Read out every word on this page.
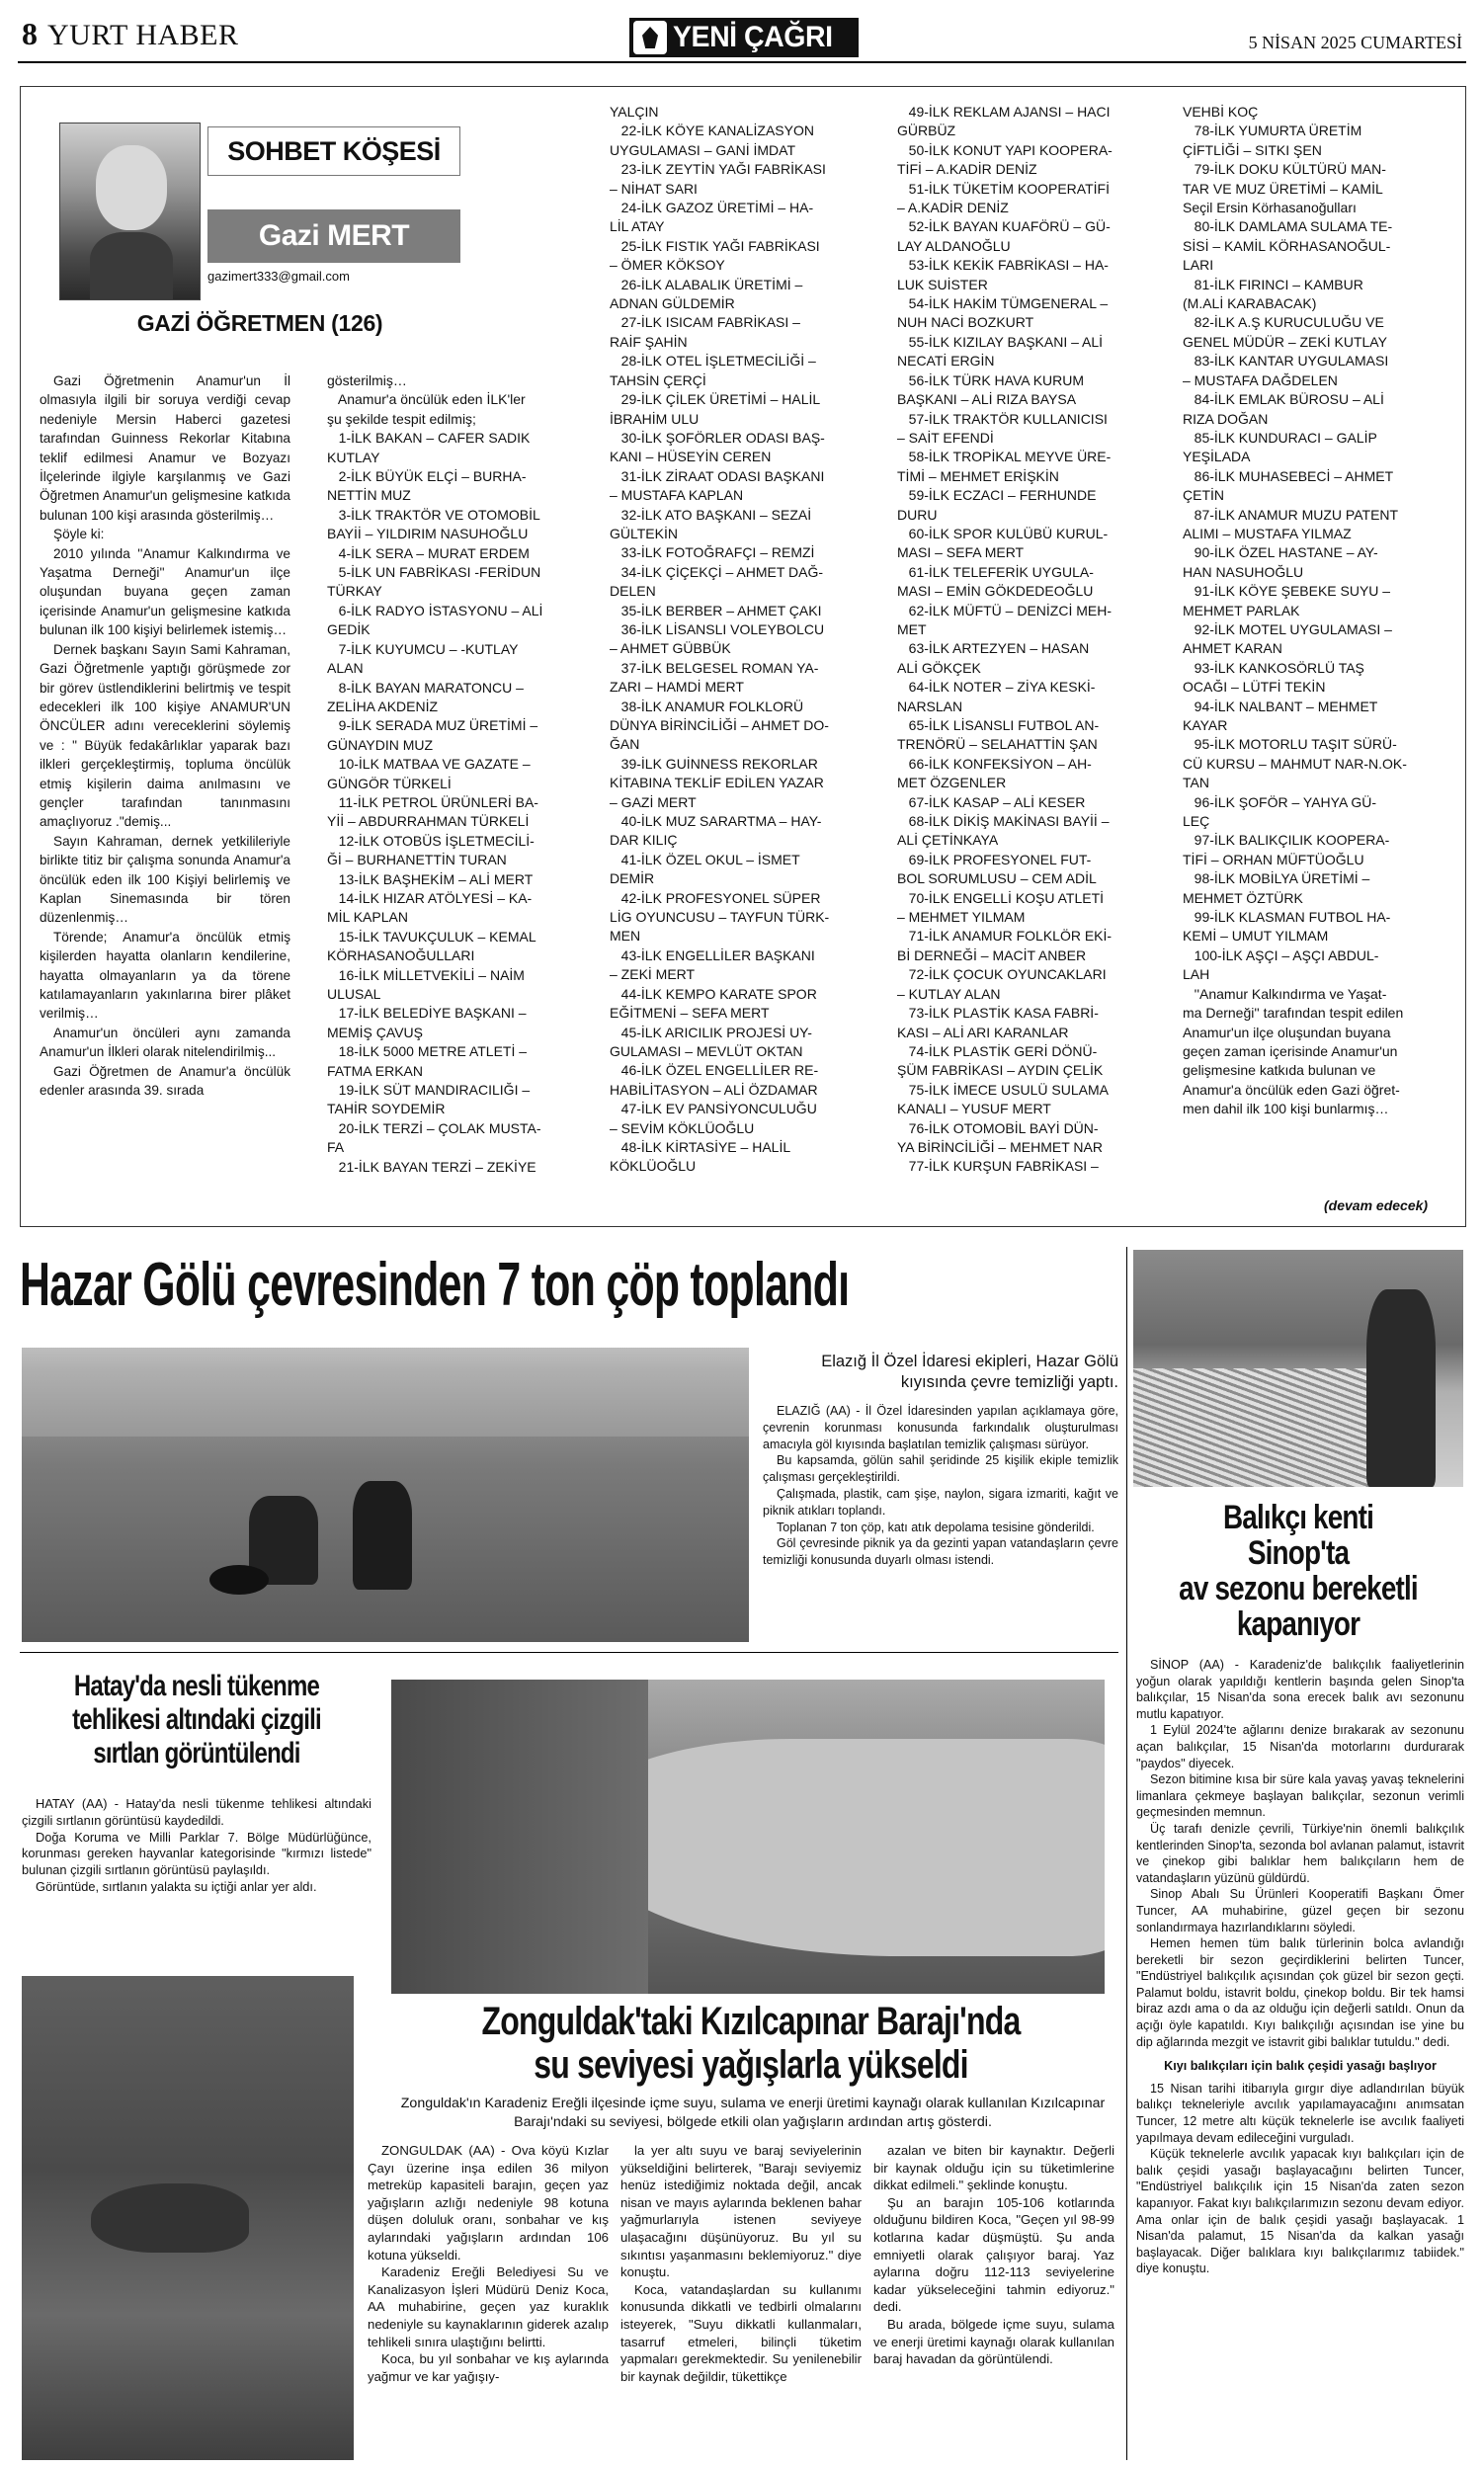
8 YURT HABER	YENİ ÇAĞRI	5 NİSAN 2025 CUMARTESİ
SOHBET KÖŞESİ
Gazi MERT
gazimert333@gmail.com
GAZİ ÖĞRETMEN (126)

Gazi Öğretmenin Anamur'un İl olmasıyla ilgili bir soruya verdiği cevap nedeniyle Mersin Haberci gazetesi tarafından Guinness Rekorlar Kitabına teklif edilmesi Anamur ve Bozyazı İlçelerinde ilgiyle karşılanmış ve Gazi Öğretmen Anamur'un gelişmesine katkıda bulunan 100 kişi arasında gösterilmiş…

Şöyle ki:

2010 yılında ''Anamur Kalkındırma ve Yaşatma Derneği'' Anamur'un ilçe oluşundan buyana geçen zaman içerisinde Anamur'un gelişmesine katkıda bulunan ilk 100 kişiyi belirlemek istemiş…

Dernek başkanı Sayın Sami Kahraman, Gazi Öğretmenle yaptığı görüşmede zor bir görev üstlendiklerini belirtmiş ve tespit edecekleri ilk 100 kişiye ANAMUR'UN ÖNCÜLER adını vereceklerini söylemiş ve : " Büyük fedakârlıklar yaparak bazı ilkleri gerçekleştirmiş, topluma öncülük etmiş kişilerin daima anılmasını ve gençler tarafından tanınmasını amaçlıyoruz ."demiş...

Sayın Kahraman, dernek yetkilileriyle birlikte titiz bir çalışma sonunda Anamur'a öncülük eden ilk 100 Kişiyi belirlemiş ve Kaplan Sinemasında bir tören düzenlenmiş…

Törende; Anamur'a öncülük etmiş kişilerden hayatta olanların kendilerine, hayatta olmayanların ya da törene katılamayanların yakınlarına birer plâket verilmiş…

Anamur'un öncüleri aynı zamanda Anamur'un İlkleri olarak nitelendirilmiş...

Gazi Öğretmen de Anamur'a öncülük edenler arasında 39. sırada

gösterilmiş…
Anamur'a öncülük eden İLK'ler
şu şekilde tespit edilmiş;
1-İLK BAKAN – CAFER SADIK
KUTLAY
2-İLK BÜYÜK ELÇİ – BURHA-
NETTİN MUZ
3-İLK TRAKTÖR VE OTOMOBİL
BAYİİ – YILDIRIM NASUHOĞLU
4-İLK SERA – MURAT ERDEM
5-İLK UN FABRİKASI -FERİDUN
TÜRKAY
6-İLK RADYO İSTASYONU – ALİ
GEDİK
7-İLK KUYUMCU – -KUTLAY
ALAN
8-İLK BAYAN MARATONCU –
ZELİHA AKDENİZ
9-İLK SERADA MUZ ÜRETİMİ –
GÜNAYDIN MUZ
10-İLK MATBAA VE GAZATE –
GÜNGÖR TÜRKELİ
11-İLK PETROL ÜRÜNLERİ BA-
Yİİ – ABDURRAHMAN TÜRKELİ
12-İLK OTOBÜS İŞLETMECİLİ-
Ğİ – BURHANETTİN TURAN
13-İLK BAŞHEKİM – ALİ MERT
14-İLK HIZAR ATÖLYESİ – KA-
MİL KAPLAN
15-İLK TAVUKÇULUK – KEMAL
KÖRHASANOĞULLARI
16-İLK MİLLETVEKİLİ – NAİM
ULUSAL
17-İLK BELEDİYE BAŞKANI –
MEMİŞ ÇAVUŞ
18-İLK 5000 METRE ATLETİ –
FATMA ERKAN
19-İLK SÜT MANDIRACILIĞI –
TAHİR SOYDEMİR
20-İLK TERZİ – ÇOLAK MUSTA-
FA
21-İLK BAYAN TERZİ – ZEKİYE
YALÇIN
22-İLK KÖYE KANALİZASYON
UYGULAMASI – GANİ İMDAT
23-İLK ZEYTİN YAĞI FABRİKASI
– NİHAT SARI
24-İLK GAZOZ ÜRETİMİ – HA-
LİL ATAY
25-İLK FISTIK YAĞI FABRİKASI
– ÖMER KÖKSOY
26-İLK ALABALIK ÜRETİMİ –
ADNAN GÜLDEMİR
27-İLK ISICAM FABRİKASI –
RAİF ŞAHİN
28-İLK OTEL İŞLETMECİLİĞİ –
TAHSİN ÇERÇİ
29-İLK ÇİLEK ÜRETİMİ – HALİL
İBRAHİM ULU
30-İLK ŞOFÖRLER ODASI BAŞ-
KANI – HÜSEYİN CEREN
31-İLK ZİRAAT ODASI BAŞKANI
– MUSTAFA KAPLAN
32-İLK ATO BAŞKANI – SEZAİ
GÜLTEKİN
33-İLK FOTOĞRAFÇI – REMZİ
34-İLK ÇİÇEKÇİ – AHMET DAĞ-
DELEN
35-İLK BERBER – AHMET ÇAKI
36-İLK LİSANSLI VOLEYBOLCU
– AHMET GÜBBÜK
37-İLK BELGESEL ROMAN YA-
ZARI – HAMDİ MERT
38-İLK ANAMUR FOLKLORÜ
DÜNYA BİRİNCİLİĞİ – AHMET DO-
ĞAN
39-İLK GUİNNESS REKORLAR
KİTABINA TEKLİF EDİLEN YAZAR
– GAZİ MERT
40-İLK MUZ SARARTMA – HAY-
DAR KILIÇ
41-İLK ÖZEL OKUL – İSMET
DEMİR
42-İLK PROFESYONEL SÜPER
LİG OYUNCUSU – TAYFUN TÜRK-
MEN
43-İLK ENGELLİLER BAŞKANI
– ZEKİ MERT
44-İLK KEMPO KARATE SPOR
EĞİTMENİ – SEFA MERT
45-İLK ARICILIK PROJESİ UY-
GULAMASI – MEVLÜT OKTAN
46-İLK ÖZEL ENGELLİLER RE-
HABİLİTASYON – ALİ ÖZDAMAR
47-İLK EV PANSİYONCULUĞU
– SEVİM KÖKLÜOĞLU
48-İLK KİRTASİYE – HALİL
KÖKLÜOĞLU
49-İLK REKLAM AJANSI – HACI
GÜRBÜZ
50-İLK KONUT YAPI KOOPERA-
TİFİ – A.KADİR DENİZ
51-İLK TÜKETİM KOOPERATİFİ
– A.KADİR DENİZ
52-İLK BAYAN KUAFÖRÜ – GÜ-
LAY ALDANOĞLU
53-İLK KEKİK FABRİKASI – HA-
LUK SUİSTER
54-İLK HAKİM TÜMGENERAL –
NUH NACİ BOZKURT
55-İLK KIZILAY BAŞKANI – ALİ
NECATİ ERGİN
56-İLK TÜRK HAVA KURUM
BAŞKANI – ALİ RIZA BAYSA
57-İLK TRAKTÖR KULLANICISI
– SAİT EFENDİ
58-İLK TROPİKAL MEYVE ÜRE-
TİMİ – MEHMET ERİŞKİN
59-İLK ECZACI – FERHUNDE
DURU
60-İLK SPOR KULÜBÜ KURUL-
MASI – SEFA MERT
61-İLK TELEFERİK UYGULA-
MASI – EMİN GÖKDEDEOĞLU
62-İLK MÜFTÜ – DENİZCİ MEH-
MET
63-İLK ARTEZYEN – HASAN
ALİ GÖKÇEK
64-İLK NOTER – ZİYA KESKİ-
NARSLAN
65-İLK LİSANSLI FUTBOL AN-
TRENÖRÜ – SELAHATTİN ŞAN
66-İLK KONFEKSİYON – AH-
MET ÖZGENLER
67-İLK KASAP – ALİ KESER
68-İLK DİKİŞ MAKİNASI BAYİİ –
ALİ ÇETİNKAYA
69-İLK PROFESYONEL FUT-
BOL SORUMLUSU – CEM ADİL
70-İLK ENGELLİ KOŞU ATLETİ
– MEHMET YILMAM
71-İLK ANAMUR FOLKLÖR EKİ-
Bİ DERNEĞİ – MACİT ANBER
72-İLK ÇOCUK OYUNCAKLARI
– KUTLAY ALAN
73-İLK PLASTİK KASA FABRİ-
KASI – ALİ ARI KARANLAR
74-İLK PLASTİK GERİ DÖNÜ-
ŞÜM FABRİKASI – AYDIN ÇELİK
75-İLK İMECE USULÜ SULAMA
KANALI – YUSUF MERT
76-İLK OTOMOBİL BAYİ DÜN-
YA BİRİNCİLİĞİ – MEHMET NAR
77-İLK KURŞUN FABRİKASI –
VEHBİ KOÇ
78-İLK YUMURTA ÜRETİM
ÇİFTLİĞİ – SITKI ŞEN
79-İLK DOKU KÜLTÜRÜ MAN-
TAR VE MUZ ÜRETİMİ – KAMİL
Seçil Ersin Körhasanoğulları
80-İLK DAMLAMA SULAMA TE-
SİSİ – KAMİL KÖRHASANOĞUL-
LARI
81-İLK FIRINCI – KAMBUR
(M.ALİ KARABACAK)
82-İLK A.Ş KURUCULUĞU VE
GENEL MÜDÜR – ZEKİ KUTLAY
83-İLK KANTAR UYGULAMASI
– MUSTAFA DAĞDELEN
84-İLK EMLAK BÜROSU – ALİ
RIZA DOĞAN
85-İLK KUNDURACI – GALİP
YEŞİLADA
86-İLK MUHASEBECİ – AHMET
ÇETİN
87-İLK ANAMUR MUZU PATENT
ALIMI – MUSTAFA YILMAZ
90-İLK ÖZEL HASTANE – AY-
HAN NASUHOĞLU
91-İLK KÖYE ŞEBEKE SUYU –
MEHMET PARLAK
92-İLK MOTEL UYGULAMASI –
AHMET KARAN
93-İLK KANKOSÖRLÜ TAŞ
OCAĞI – LÜTFİ TEKİN
94-İLK NALBANT – MEHMET
KAYAR
95-İLK MOTORLU TAŞIT SÜRÜ-
CÜ KURSU – MAHMUT NAR-N.OK-
TAN
96-İLK ŞOFÖR – YAHYA GÜ-
LEÇ
97-İLK BALIKÇILIK KOOPERA-
TİFİ – ORHAN MÜFTÜOĞLU
98-İLK MOBİLYA ÜRETİMİ –
MEHMET ÖZTÜRK
99-İLK KLASMAN FUTBOL HA-
KEMİ – UMUT YILMAM
100-İLK AŞÇI – AŞÇI ABDUL-
LAH
''Anamur Kalkındırma ve Yaşat-
ma Derneği'' tarafından tespit edilen
Anamur'un ilçe oluşundan buyana
geçen zaman içerisinde Anamur'un
gelişmesine katkıda bulunan ve
Anamur'a öncülük eden Gazi öğret-
men dahil ilk 100 kişi bunlarmış…
(devam edecek)
Hazar Gölü çevresinden 7 ton çöp toplandı
Elazığ İl Özel İdaresi ekipleri, Hazar Gölü kıyısında çevre temizliği yaptı.

ELAZIĞ (AA) - İl Özel İdaresinden yapılan açıklamaya göre, çevrenin korunması konusunda farkındalık oluşturulması amacıyla göl kıyısında başlatılan temizlik çalışması sürüyor.

Bu kapsamda, gölün sahil şeridinde 25 kişilik ekiple temizlik çalışması gerçekleştirildi.

Çalışmada, plastik, cam şişe, naylon, sigara izmariti, kağıt ve piknik atıkları toplandı.

Toplanan 7 ton çöp, katı atık depolama tesisine gönderildi.

Göl çevresinde piknik ya da gezinti yapan vatandaşların çevre temizliği konusunda duyarlı olması istendi.

Balıkçı kenti
Sinop'ta
av sezonu bereketli
kapanıyor

SİNOP (AA) - Karadeniz'de balıkçılık faaliyetlerinin yoğun olarak yapıldığı kentlerin başında gelen Sinop'ta balıkçılar, 15 Nisan'da sona erecek balık avı sezonunu mutlu kapatıyor.

1 Eylül 2024'te ağlarını denize bırakarak av sezonunu açan balıkçılar, 15 Nisan'da motorlarını durdurarak "paydos" diyecek.

Sezon bitimine kısa bir süre kala yavaş yavaş teknelerini limanlara çekmeye başlayan balıkçılar, sezonun verimli geçmesinden memnun.

Üç tarafı denizle çevrili, Türkiye'nin önemli balıkçılık kentlerinden Sinop'ta, sezonda bol avlanan palamut, istavrit ve çinekop gibi balıklar hem balıkçıların hem de vatandaşların yüzünü güldürdü.

Sinop Abalı Su Ürünleri Kooperatifi Başkanı Ömer Tuncer, AA muhabirine, güzel geçen bir sezonu sonlandırmaya hazırlandıklarını söyledi.

Hemen hemen tüm balık türlerinin bolca avlandığı bereketli bir sezon geçirdiklerini belirten Tuncer, "Endüstriyel balıkçılık açısından çok güzel bir sezon geçti. Palamut boldu, istavrit boldu, çinekop boldu. Bir tek hamsi biraz azdı ama o da az olduğu için değerli satıldı. Onun da açığı öyle kapatıldı. Kıyı balıkçılığı açısından ise yine bu dip ağlarında mezgit ve istavrit gibi balıklar tutuldu." dedi.

Kıyı balıkçıları için balık çeşidi yasağı başlıyor

15 Nisan tarihi itibarıyla gırgır diye adlandırılan büyük balıkçı tekneleriyle avcılık yapılamayacağını anımsatan Tuncer, 12 metre altı küçük teknelerle ise avcılık faaliyeti yapılmaya devam edileceğini vurguladı.

Küçük teknelerle avcılık yapacak kıyı balıkçıları için de balık çeşidi yasağı başlayacağını belirten Tuncer, "Endüstriyel balıkçılık için 15 Nisan'da zaten sezon kapanıyor. Fakat kıyı balıkçılarımızın sezonu devam ediyor. Ama onlar için de balık çeşidi yasağı başlayacak. 1 Nisan'da palamut, 15 Nisan'da da kalkan yasağı başlayacak. Diğer balıklara kıyı balıkçılarımız tabiidek." diye konuştu.

Hatay'da nesli tükenme
tehlikesi altındaki çizgili
sırtlan görüntülendi

HATAY (AA) - Hatay'da nesli tükenme tehlikesi altındaki çizgili sırtlanın görüntüsü kaydedildi.

Doğa Koruma ve Milli Parklar 7. Bölge Müdürlüğünce, korunması gereken hayvanlar kategorisinde "kırmızı listede" bulunan çizgili sırtlanın görüntüsü paylaşıldı.

Görüntüde, sırtlanın yalakta su içtiği anlar yer aldı.

Zonguldak'taki Kızılcapınar Barajı'nda
su seviyesi yağışlarla yükseldi
Zonguldak'ın Karadeniz Ereğli ilçesinde içme suyu, sulama ve enerji üretimi kaynağı olarak kullanılan Kızılcapınar Barajı'ndaki su seviyesi, bölgede etkili olan yağışların ardından artış gösterdi.

ZONGULDAK (AA) - Ova köyü Kızlar Çayı üzerine inşa edilen 36 milyon metreküp kapasiteli barajın, geçen yaz yağışların azlığı nedeniyle 98 kotuna düşen doluluk oranı, sonbahar ve kış aylarındaki yağışların ardından 106 kotuna yükseldi.

Karadeniz Ereğli Belediyesi Su ve Kanalizasyon İşleri Müdürü Deniz Koca, AA muhabirine, geçen yaz kuraklık nedeniyle su kaynaklarının giderek azalıp tehlikeli sınıra ulaştığını belirtti.

Koca, bu yıl sonbahar ve kış aylarında yağmur ve kar yağışıy-

la yer altı suyu ve baraj seviyelerinin yükseldiğini belirterek, "Barajı seviyemiz henüz istediğimiz noktada değil, ancak nisan ve mayıs aylarında beklenen bahar yağmurlarıyla istenen seviyeye ulaşacağını düşünüyoruz. Bu yıl su sıkıntısı yaşanmasını beklemiyoruz." diye konuştu.

Koca, vatandaşlardan su kullanımı konusunda dikkatli ve tedbirli olmalarını isteyerek, "Suyu dikkatli kullanmaları, tasarruf etmeleri, bilinçli tüketim yapmaları gerekmektedir. Su yenilenebilir bir kaynak değildir, tükettikçe

azalan ve biten bir kaynaktır. Değerli bir kaynak olduğu için su tüketimlerine dikkat edilmeli." şeklinde konuştu.

Şu an barajın 105-106 kotlarında olduğunu bildiren Koca, "Geçen yıl 98-99 kotlarına kadar düşmüştü. Şu anda emniyetli olarak çalışıyor baraj. Yaz aylarına doğru 112-113 seviyelerine kadar yükseleceğini tahmin ediyoruz." dedi.

Bu arada, bölgede içme suyu, sulama ve enerji üretimi kaynağı olarak kullanılan baraj havadan da görüntülendi.
